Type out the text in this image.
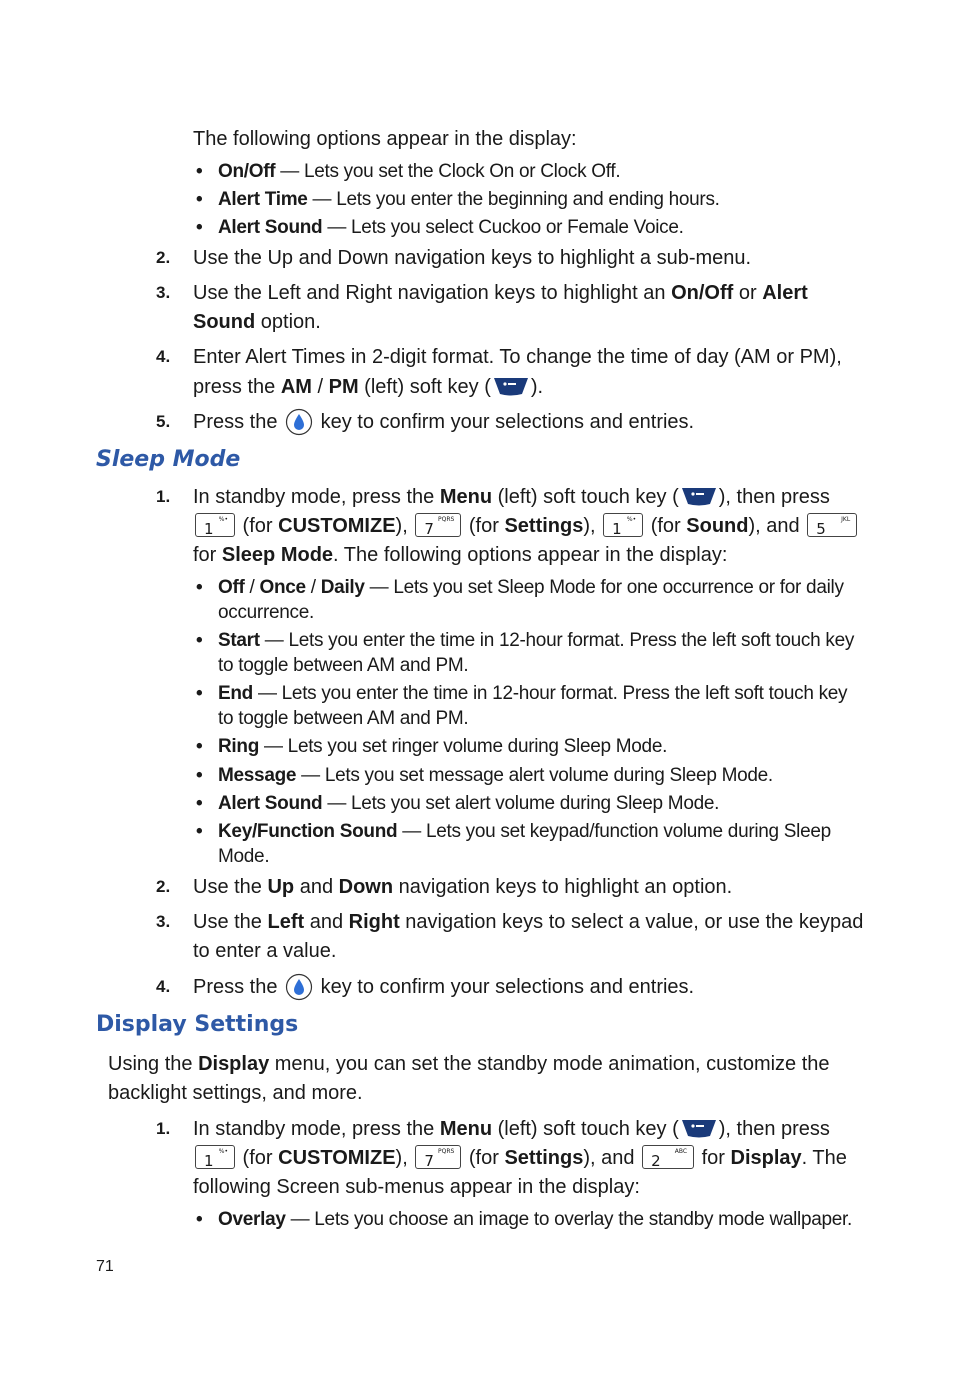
The following options appear in the display:
• On/Off — Lets you set the Clock On or Clock Off.
• Alert Time — Lets you enter the beginning and ending hours.
• Alert Sound — Lets you select Cuckoo or Female Voice.
2. Use the Up and Down navigation keys to highlight a sub-menu.
3. Use the Left and Right navigation keys to highlight an On/Off or Alert
Sound option.
4. Enter Alert Times in 2-digit format. To change the time of day (AM or PM),
press the AM / PM (left) soft key ( ).
5. Press the  key to confirm your selections and entries.
Sleep Mode
1. In standby mode, press the Menu (left) soft touch key ( ), then press
1
%• (for CUSTOMIZE), 7
PQRS (for Settings), 1
%• (for Sound), and 5
JKL
for Sleep Mode. The following options appear in the display:
• Off / Once / Daily — Lets you set Sleep Mode for one occurrence or for daily
occurrence.
• Start — Lets you enter the time in 12-hour format. Press the left soft touch key
to toggle between AM and PM.
• End — Lets you enter the time in 12-hour format. Press the left soft touch key
to toggle between AM and PM.
• Ring — Lets you set ringer volume during Sleep Mode.
• Message — Lets you set message alert volume during Sleep Mode.
• Alert Sound — Lets you set alert volume during Sleep Mode.
• Key/Function Sound — Lets you set keypad/function volume during Sleep
Mode.
2. Use the Up and Down navigation keys to highlight an option.
3. Use the Left and Right navigation keys to select a value, or use the keypad
to enter a value.
4. Press the  key to confirm your selections and entries.
Display Settings
Using the Display menu, you can set the standby mode animation, customize the
backlight settings, and more.
1. In standby mode, press the Menu (left) soft touch key ( ), then press
1
%• (for CUSTOMIZE), 7
PQRS (for Settings), and 2
ABC for Display. The
following Screen sub-menus appear in the display:
• Overlay — Lets you choose an image to overlay the standby mode wallpaper.
71
